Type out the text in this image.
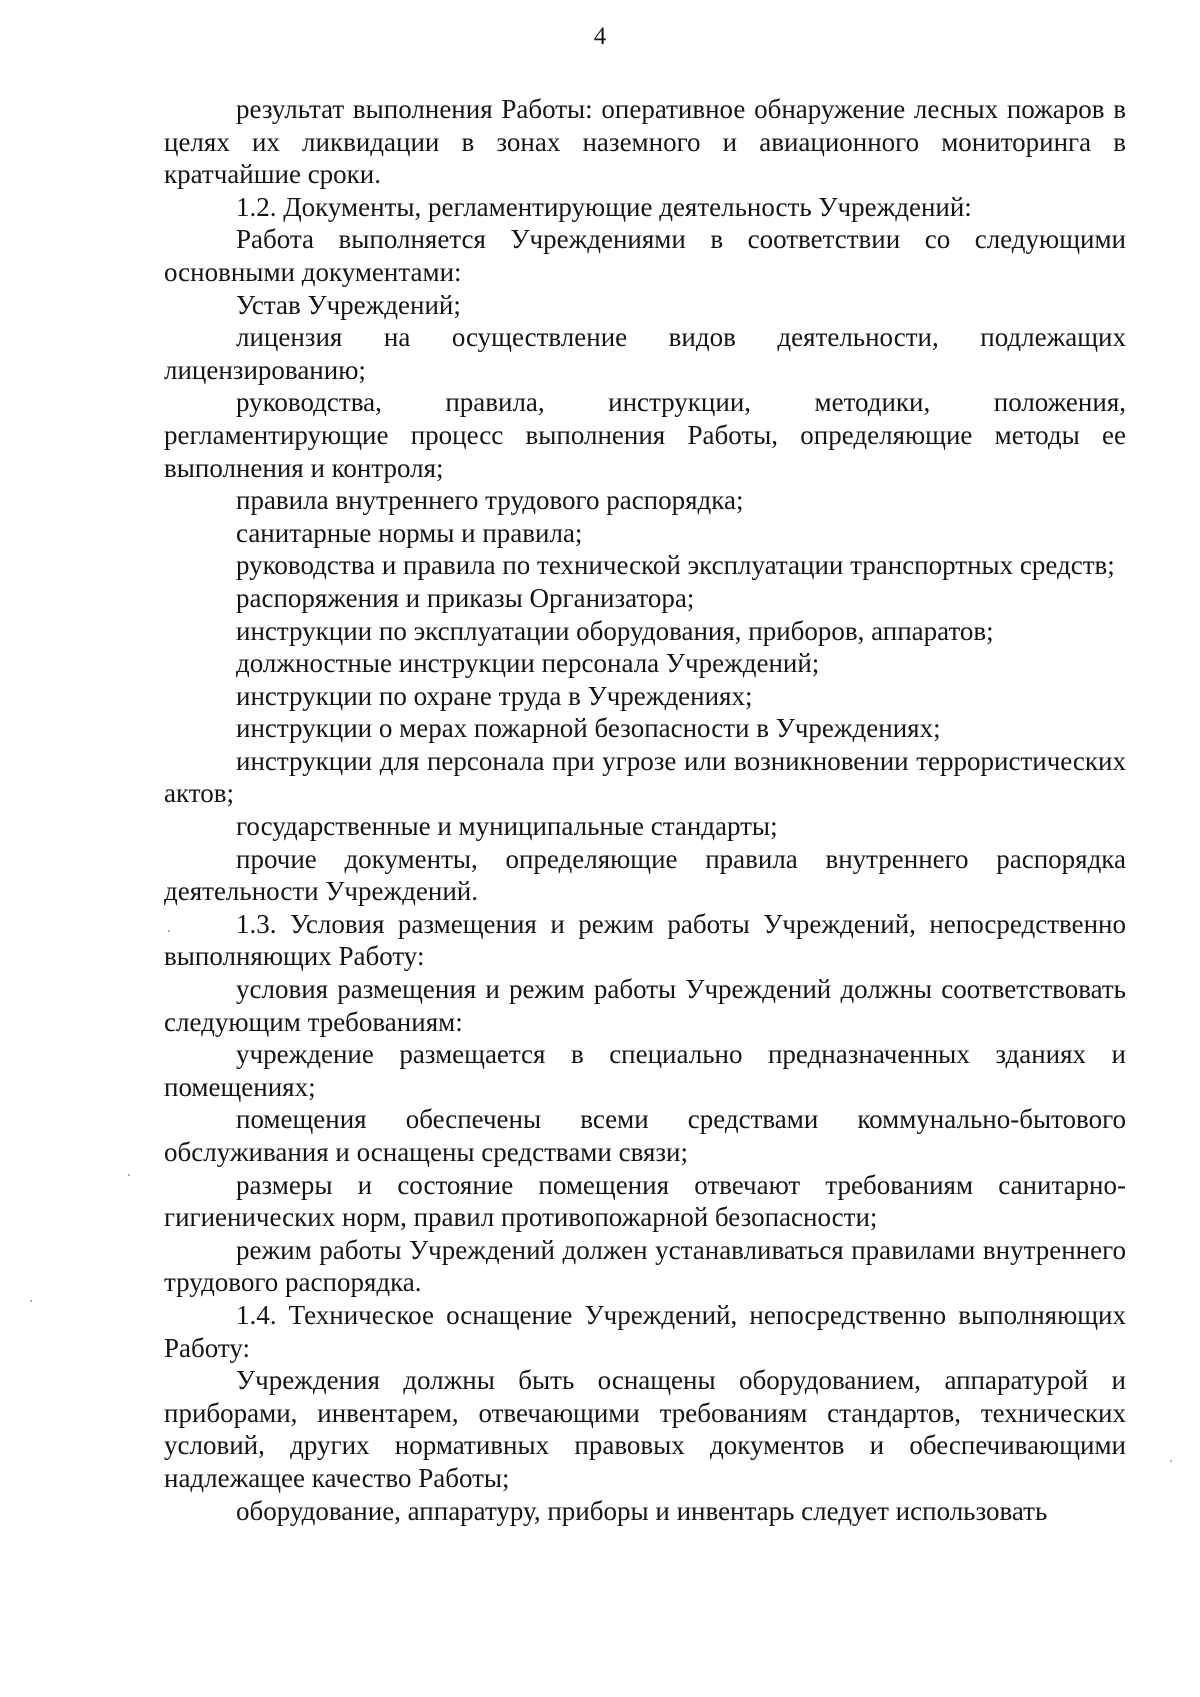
4

результат выполнения Работы: оперативное обнаружение лесных пожаров в целях их ликвидации в зонах наземного и авиационного мониторинга в кратчайшие сроки.

1.2. Документы, регламентирующие деятельность Учреждений:

Работа выполняется Учреждениями в соответствии со следующими основными документами:

Устав Учреждений;

лицензия на осуществление видов деятельности, подлежащих лицензированию;

руководства, правила, инструкции, методики, положения, регламентирующие процесс выполнения Работы, определяющие методы ее выполнения и контроля;

правила внутреннего трудового распорядка;

санитарные нормы и правила;

руководства и правила по технической эксплуатации транспортных средств;

распоряжения и приказы Организатора;

инструкции по эксплуатации оборудования, приборов, аппаратов;

должностные инструкции персонала Учреждений;

инструкции по охране труда в Учреждениях;

инструкции о мерах пожарной безопасности в Учреждениях;

инструкции для персонала при угрозе или возникновении террористических актов;

государственные и муниципальные стандарты;

прочие документы, определяющие правила внутреннего распорядка деятельности Учреждений.

1.3. Условия размещения и режим работы Учреждений, непосредственно выполняющих Работу:

условия размещения и режим работы Учреждений должны соответствовать следующим требованиям:

учреждение размещается в специально предназначенных зданиях и помещениях;

помещения обеспечены всеми средствами коммунально-бытового обслуживания и оснащены средствами связи;

размеры и состояние помещения отвечают требованиям санитарно-гигиенических норм, правил противопожарной безопасности;

режим работы Учреждений должен устанавливаться правилами внутреннего трудового распорядка.

1.4. Техническое оснащение Учреждений, непосредственно выполняющих Работу:

Учреждения должны быть оснащены оборудованием, аппаратурой и приборами, инвентарем, отвечающими требованиям стандартов, технических условий, других нормативных правовых документов и обеспечивающими надлежащее качество Работы;

оборудование, аппаратуру, приборы и инвентарь следует использовать
